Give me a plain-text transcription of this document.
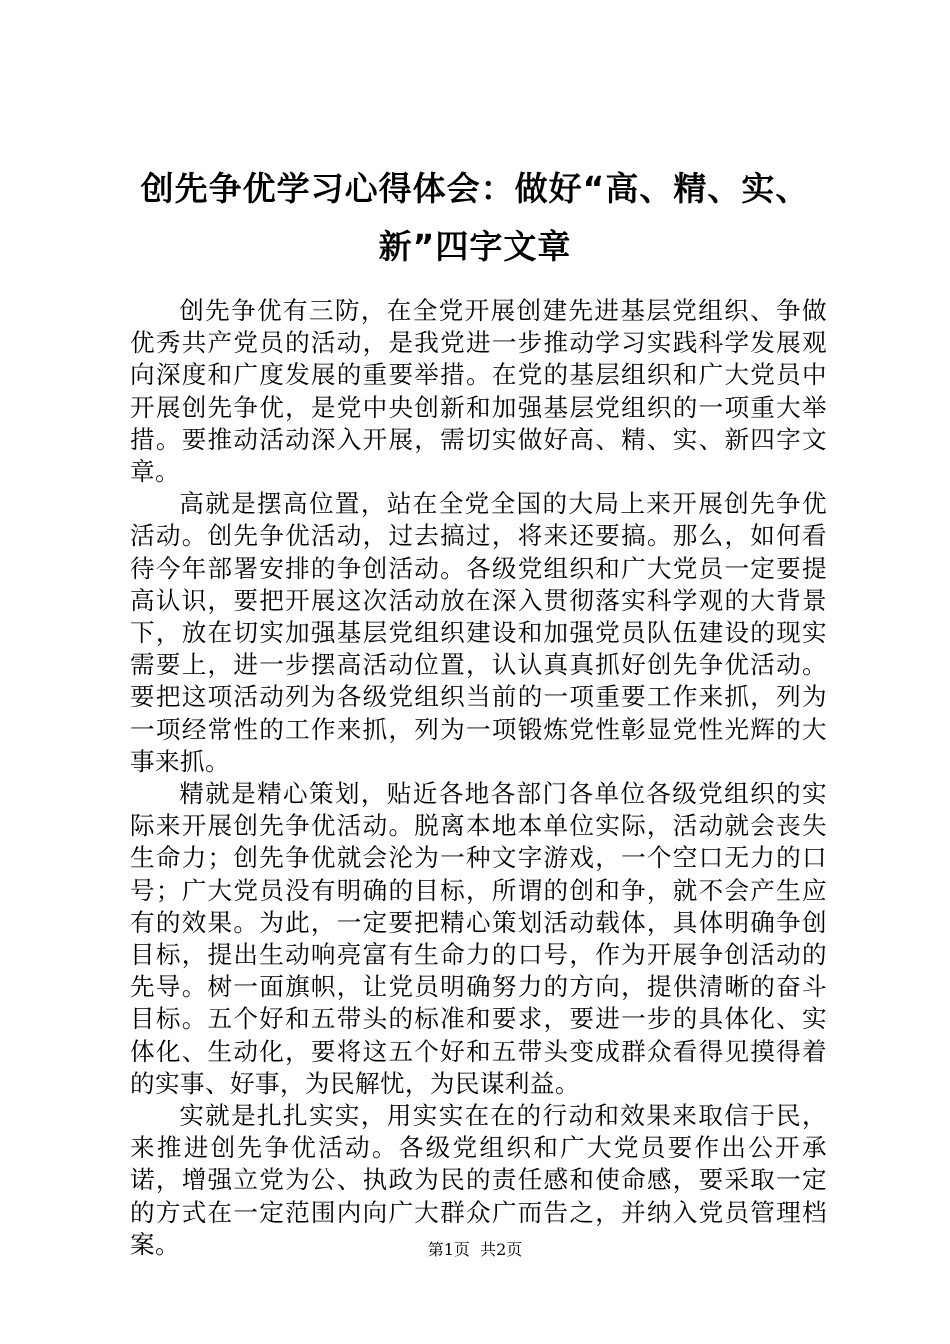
创先争优学习心得体会：做好“高、精、实、新”四字文章

创先争优有三防，在全党开展创建先进基层党组织、争做优秀共产党员的活动，是我党进一步推动学习实践科学发展观向深度和广度发展的重要举措。在党的基层组织和广大党员中开展创先争优，是党中央创新和加强基层党组织的一项重大举措。要推动活动深入开展，需切实做好高、精、实、新四字文章。

高就是摆高位置，站在全党全国的大局上来开展创先争优活动。创先争优活动，过去搞过，将来还要搞。那么，如何看待今年部署安排的争创活动。各级党组织和广大党员一定要提高认识，要把开展这次活动放在深入贯彻落实科学观的大背景下，放在切实加强基层党组织建设和加强党员队伍建设的现实需要上，进一步摆高活动位置，认认真真抓好创先争优活动。要把这项活动列为各级党组织当前的一项重要工作来抓，列为一项经常性的工作来抓，列为一项锻炼党性彰显党性光辉的大事来抓。

精就是精心策划，贴近各地各部门各单位各级党组织的实际来开展创先争优活动。脱离本地本单位实际，活动就会丧失生命力；创先争优就会沦为一种文字游戏，一个空口无力的口号；广大党员没有明确的目标，所谓的创和争，就不会产生应有的效果。为此，一定要把精心策划活动载体，具体明确争创目标，提出生动响亮富有生命力的口号，作为开展争创活动的先导。树一面旗帜，让党员明确努力的方向，提供清晰的奋斗目标。五个好和五带头的标准和要求，要进一步的具体化、实体化、生动化，要将这五个好和五带头变成群众看得见摸得着的实事、好事，为民解忧，为民谋利益。

实就是扎扎实实，用实实在在的行动和效果来取信于民，来推进创先争优活动。各级党组织和广大党员要作出公开承诺，增强立党为公、执政为民的责任感和使命感，要采取一定的方式在一定范围内向广大群众广而告之，并纳入党员管理档案。	第1页 共2页
